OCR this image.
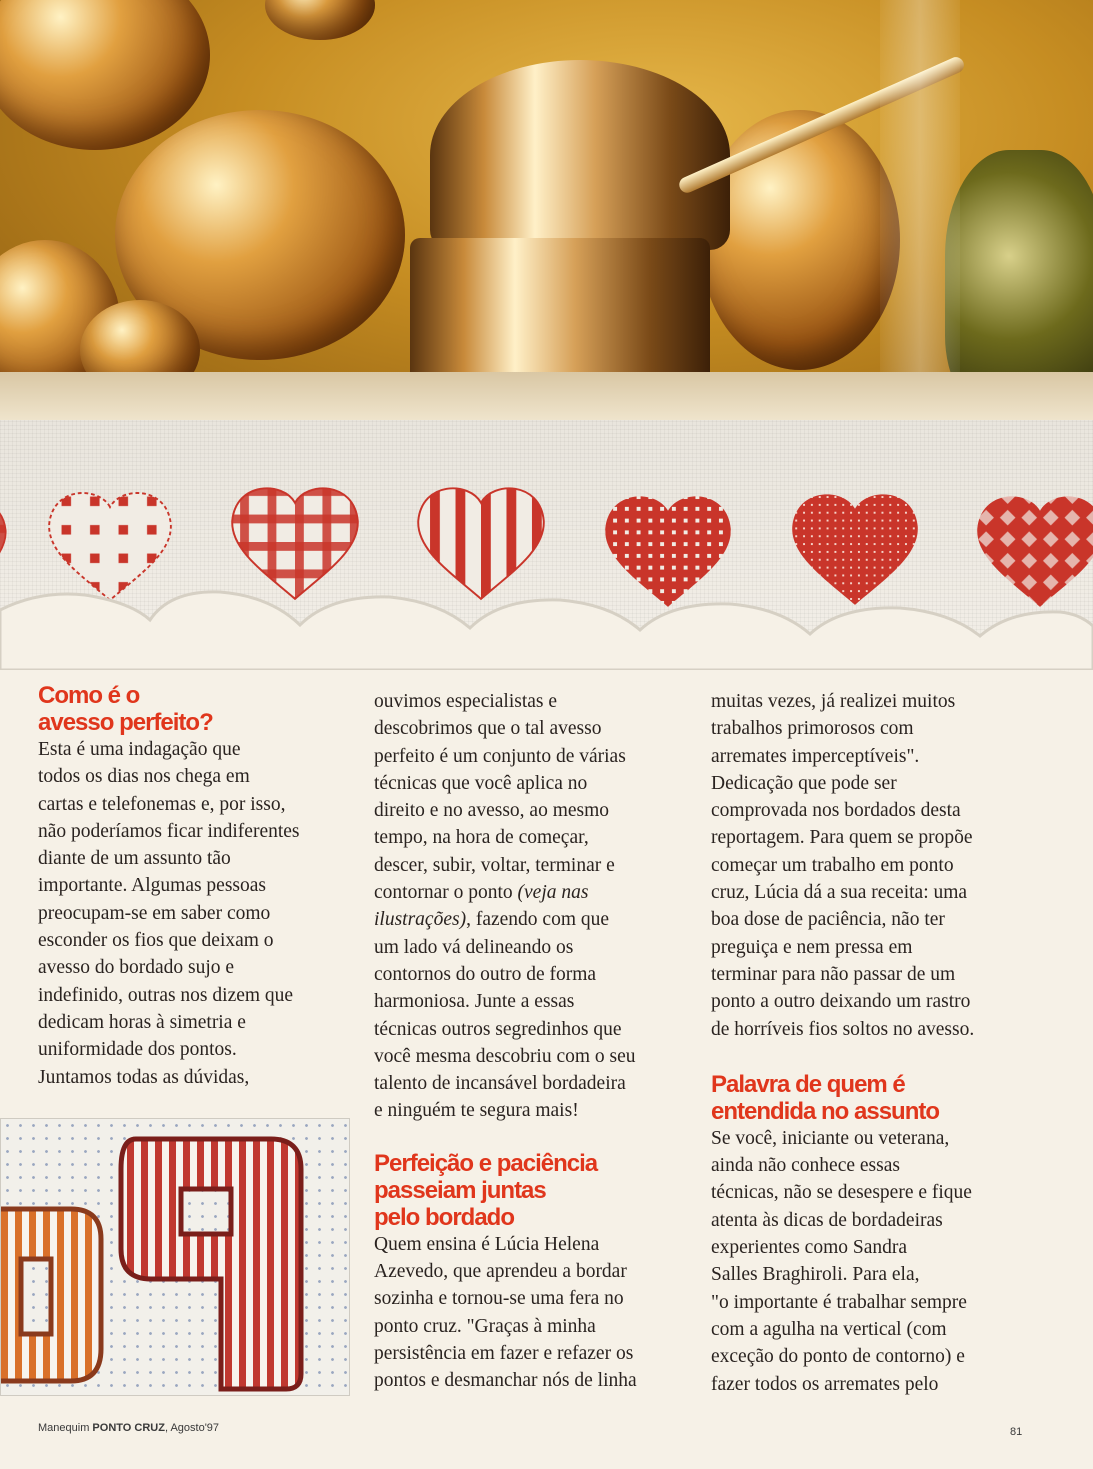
Como é o
avesso perfeito?

Esta é uma indagação que
todos os dias nos chega em
cartas e telefonemas e, por isso,
não poderíamos ficar indiferentes
diante de um assunto tão
importante. Algumas pessoas
preocupam-se em saber como
esconder os fios que deixam o
avesso do bordado sujo e
indefinido, outras nos dizem que
dedicam horas à simetria e
uniformidade dos pontos.
Juntamos todas as dúvidas,

ouvimos especialistas e
descobrimos que o tal avesso
perfeito é um conjunto de várias
técnicas que você aplica no
direito e no avesso, ao mesmo
tempo, na hora de começar,
descer, subir, voltar, terminar e
contornar o ponto (veja nas
ilustrações), fazendo com que
um lado vá delineando os
contornos do outro de forma
harmoniosa. Junte a essas
técnicas outros segredinhos que
você mesma descobriu com o seu
talento de incansável bordadeira
e ninguém te segura mais!

Perfeição e paciência
passeiam juntas
pelo bordado

Quem ensina é Lúcia Helena
Azevedo, que aprendeu a bordar
sozinha e tornou-se uma fera no
ponto cruz. "Graças à minha
persistência em fazer e refazer os
pontos e desmanchar nós de linha

muitas vezes, já realizei muitos
trabalhos primorosos com
arremates imperceptíveis".
Dedicação que pode ser
comprovada nos bordados desta
reportagem. Para quem se propõe
começar um trabalho em ponto
cruz, Lúcia dá a sua receita: uma
boa dose de paciência, não ter
preguiça e nem pressa em
terminar para não passar de um
ponto a outro deixando um rastro
de horríveis fios soltos no avesso.

Palavra de quem é
entendida no assunto

Se você, iniciante ou veterana,
ainda não conhece essas
técnicas, não se desespere e fique
atenta às dicas de bordadeiras
experientes como Sandra
Salles Braghiroli. Para ela,
"o importante é trabalhar sempre
com a agulha na vertical (com
exceção do ponto de contorno) e
fazer todos os arremates pelo

Manequim PONTO CRUZ, Agosto'97	81
